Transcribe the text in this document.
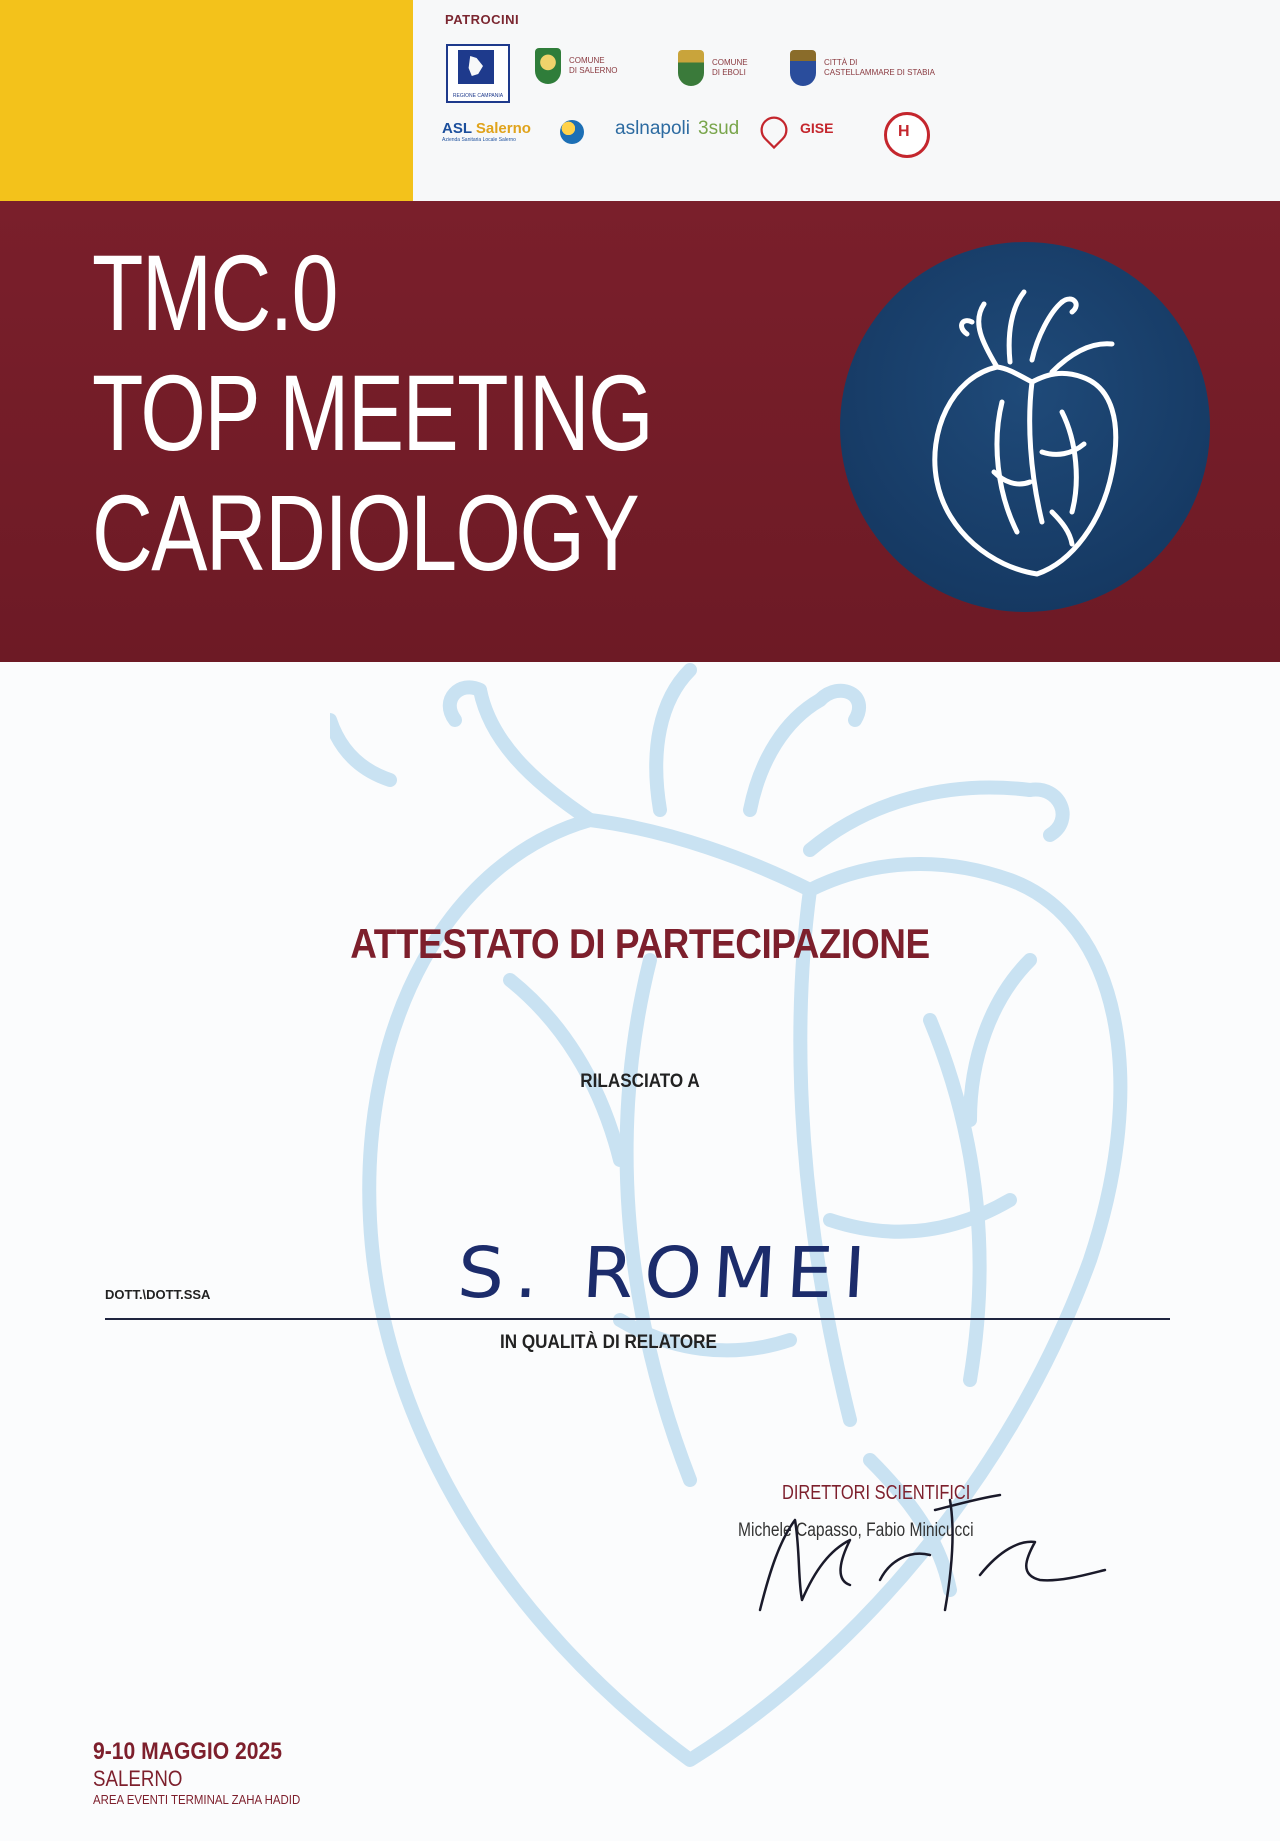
PATROCINI
REGIONE CAMPANIA
COMUNE
DI SALERNO
COMUNE
DI EBOLI
CITTÀ DI
CASTELLAMMARE DI STABIA
ASL Salerno
Azienda Sanitaria Locale Salerno
aslnapoli 3sud	GISE

H
TMC.0
TOP MEETING
CARDIOLOGY
ATTESTATO DI PARTECIPAZIONE
RILASCIATO A
DOTT.\DOTT.SSA	S. ROMEI
IN QUALITÀ DI RELATORE
DIRETTORI SCIENTIFICI
Michele Capasso, Fabio Minicucci
9-10 MAGGIO 2025
SALERNO
AREA EVENTI TERMINAL ZAHA HADID
